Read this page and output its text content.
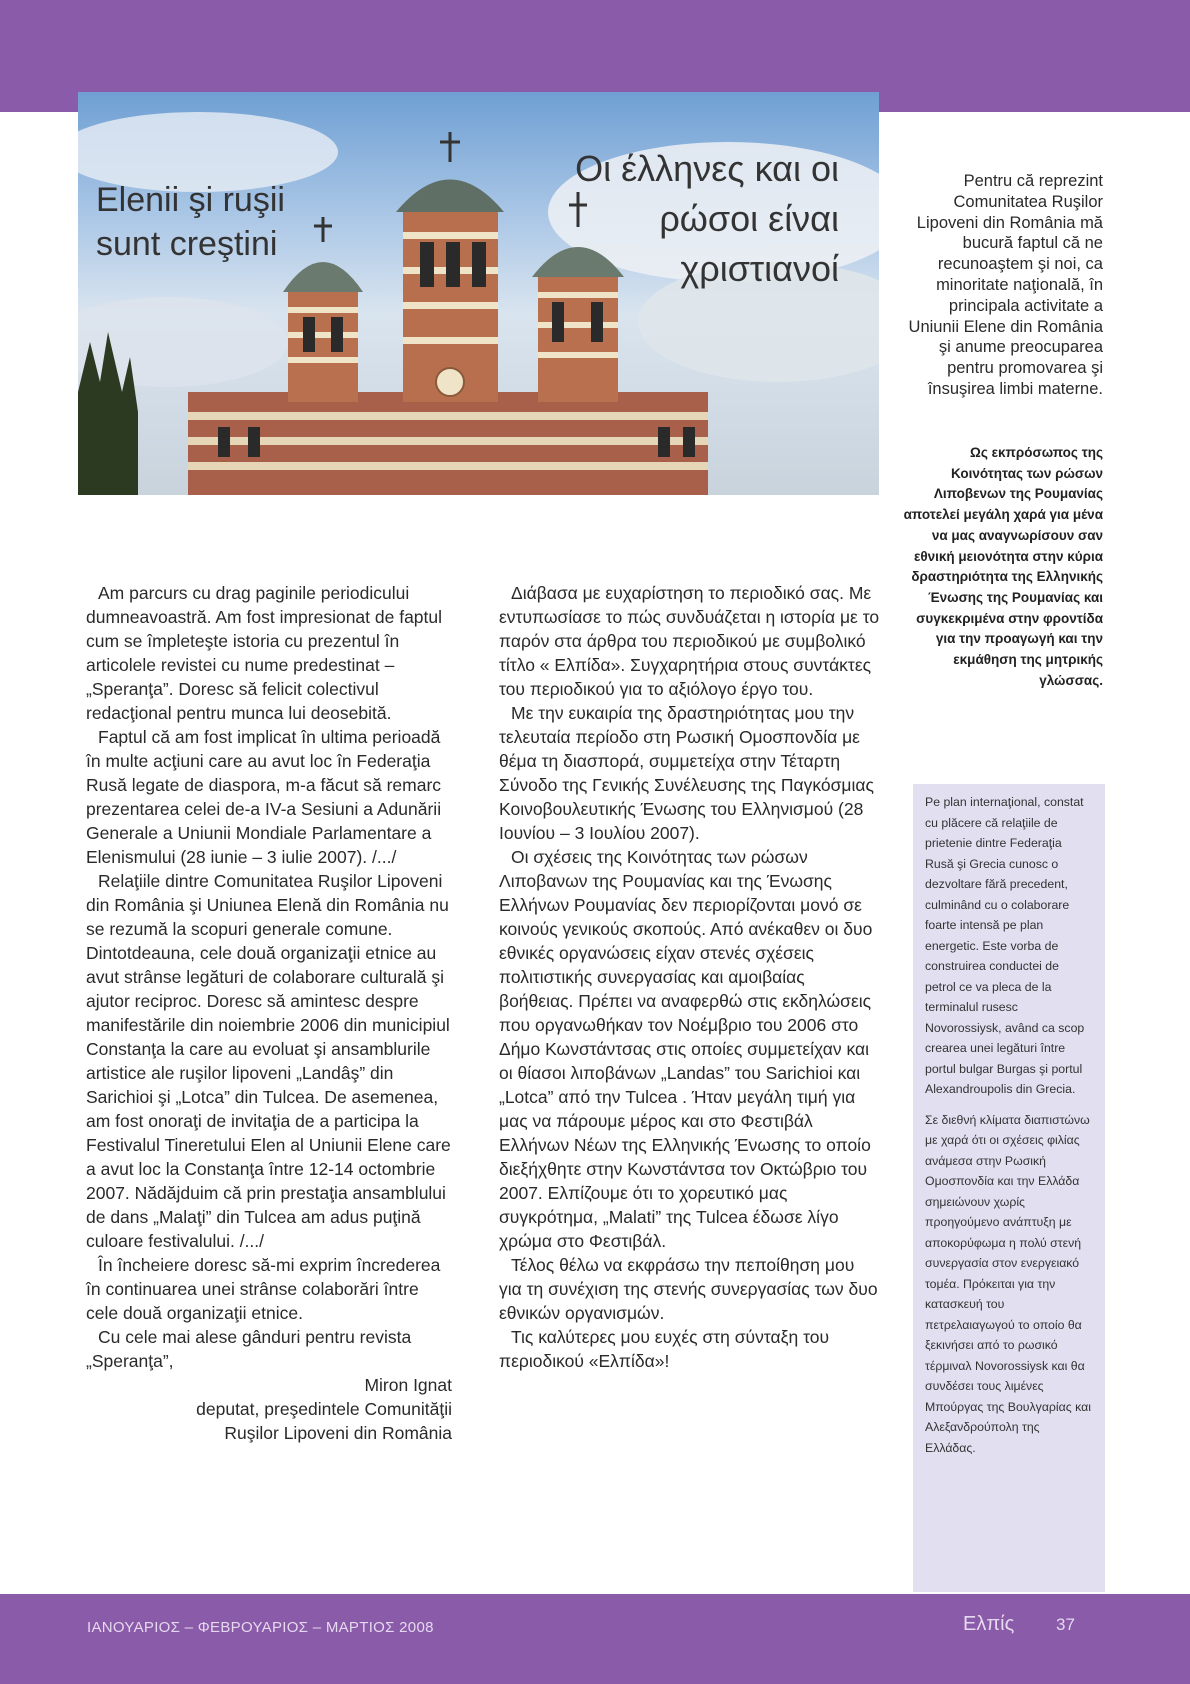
Elenii şi ruşii
sunt creştini
Οι έλληνες και οι
ρώσοι είναι
χριστιανοί
Pentru că reprezint Comunitatea Ruşilor Lipoveni din România mă bucură faptul că ne recunoaştem şi noi, ca minoritate naţională, în principala activitate a Uniunii Elene din România şi anume preocuparea pentru promovarea şi însuşirea limbi materne.
Ως εκπρόσωπος της Κοινότητας των ρώσων Λιποβενων της Ρουμανίας αποτελεί μεγάλη χαρά για μένα να μας αναγνωρίσουν σαν εθνική μειονότητα στην κύρια δραστηριότητα της Ελληνικής Ένωσης της Ρουμανίας και συγκεκριμένα στην φροντίδα για την προαγωγή και την εκμάθηση της μητρικής γλώσσας.

Pe plan internaţional, constat cu plăcere că relaţiile de prietenie dintre Federaţia Rusă şi Grecia cunosc o dezvoltare fără precedent, culminând cu o colaborare foarte intensă pe plan energetic. Este vorba de construirea conductei de petrol ce va pleca de la terminalul rusesc Novorossiysk, având ca scop crearea unei legături între portul bulgar Burgas şi portul Alexandroupolis din Grecia.

Σε διεθνή κλίματα διαπιστώνω με χαρά ότι οι σχέσεις φιλίας ανάμεσα στην Ρωσική Ομοσπονδία και την Ελλάδα σημειώνουν χωρίς προηγούμενο ανάπτυξη με αποκορύφωμα η πολύ στενή συνεργασία στον ενεργειακό τομέα. Πρόκειται για την κατασκευή του πετρελαιαγωγού το οποίο θα ξεκινήσει από το ρωσικό τέρμιναλ Novorossiysk και θα συνδέσει τους λιμένες Μπούργας της Βουλγαρίας και Αλεξανδρούπολη της Ελλάδας.

Am parcurs cu drag paginile periodicului dumneavoastră. Am fost impresionat de faptul cum se împleteşte istoria cu prezentul în articolele revistei cu nume predestinat – „Speranţa”. Doresc să felicit colectivul redacţional pentru munca lui deosebită.

Faptul că am fost implicat în ultima perioadă în multe acţiuni care au avut loc în Federaţia Rusă legate de diaspora, m-a făcut să remarc prezentarea celei de-a IV-a Sesiuni a Adunării Generale a Uniunii Mondiale Parlamentare a Elenismului (28 iunie – 3 iulie 2007). /.../

Relaţiile dintre Comunitatea Ruşilor Lipoveni din România şi Uniunea Elenă din România nu se rezumă la scopuri generale comune. Dintotdeauna, cele două organizaţii etnice au avut strânse legături de colaborare culturală şi ajutor reciproc. Doresc să amintesc despre manifestările din noiembrie 2006 din municipiul Constanţa la care au evoluat şi ansamblurile artistice ale ruşilor lipoveni „Landâş” din Sarichioi şi „Lotca” din Tulcea. De asemenea, am fost onoraţi de invitaţia de a participa la Festivalul Tineretului Elen al Uniunii Elene care a avut loc la Constanţa între 12-14 octombrie 2007. Nădăjduim că prin prestaţia ansamblului de dans „Malaţi” din Tulcea am adus puţină culoare festivalului. /.../

În încheiere doresc să-mi exprim încrederea în continuarea unei strânse colaborări între cele două organizaţii etnice.

Cu cele mai alese gânduri pentru revista „Speranţa”,

Miron Ignat

deputat, preşedintele Comunităţii

Ruşilor Lipoveni din România

Διάβασα με ευχαρίστηση το περιοδικό σας. Με εντυπωσίασε το πώς συνδυάζεται η ιστορία με το παρόν στα άρθρα του περιοδικού με συμβολικό τίτλο « Ελπίδα». Συγχαρητήρια στους συντάκτες του περιοδικού για το αξιόλογο έργο του.

Με την ευκαιρία της δραστηριότητας μου την τελευταία περίοδο στη Ρωσική Ομοσπονδία με θέμα τη διασπορά, συμμετείχα στην Τέταρτη Σύνοδο της Γενικής Συνέλευσης της Παγκόσμιας Κοινοβουλευτικής Ένωσης του Ελληνισμού (28 Ιουνίου – 3 Ιουλίου 2007).

Οι σχέσεις της Κοινότητας των ρώσων Λιποβανων της Ρουμανίας και της Ένωσης Ελλήνων Ρουμανίας δεν περιορίζονται μονό σε κοινούς γενικούς σκοπούς. Από ανέκαθεν οι δυο εθνικές οργανώσεις είχαν στενές σχέσεις πολιτιστικής συνεργασίας και αμοιβαίας βοήθειας. Πρέπει να αναφερθώ στις εκδηλώσεις που οργανωθήκαν τον Νοέμβριο του 2006 στο Δήμο Κωνστάντσας στις οποίες συμμετείχαν και οι θίασοι λιποβάνων „Landas” του Sarichioi και „Lotca” από την Tulcea . Ήταν μεγάλη τιμή για μας να πάρουμε μέρος και στο Φεστιβάλ Ελλήνων Νέων της Ελληνικής Ένωσης το οποίο διεξήχθητε στην Κωνστάντσα τον Οκτώβριο του 2007. Ελπίζουμε ότι το χορευτικό μας συγκρότημα, „Malati” της Tulcea έδωσε λίγο χρώμα στο Φεστιβάλ.

Τέλος θέλω να εκφράσω την πεποίθηση μου για τη συνέχιση της στενής συνεργασίας των δυο εθνικών οργανισμών.

Τις καλύτερες μου ευχές στη σύνταξη του περιοδικού «Ελπίδα»!

ΙΑΝΟΥΑΡΙΟΣ – ΦΕΒΡΟΥΑΡΙΟΣ – ΜΑΡΤΙΟΣ 2008	Ελπίς 37
